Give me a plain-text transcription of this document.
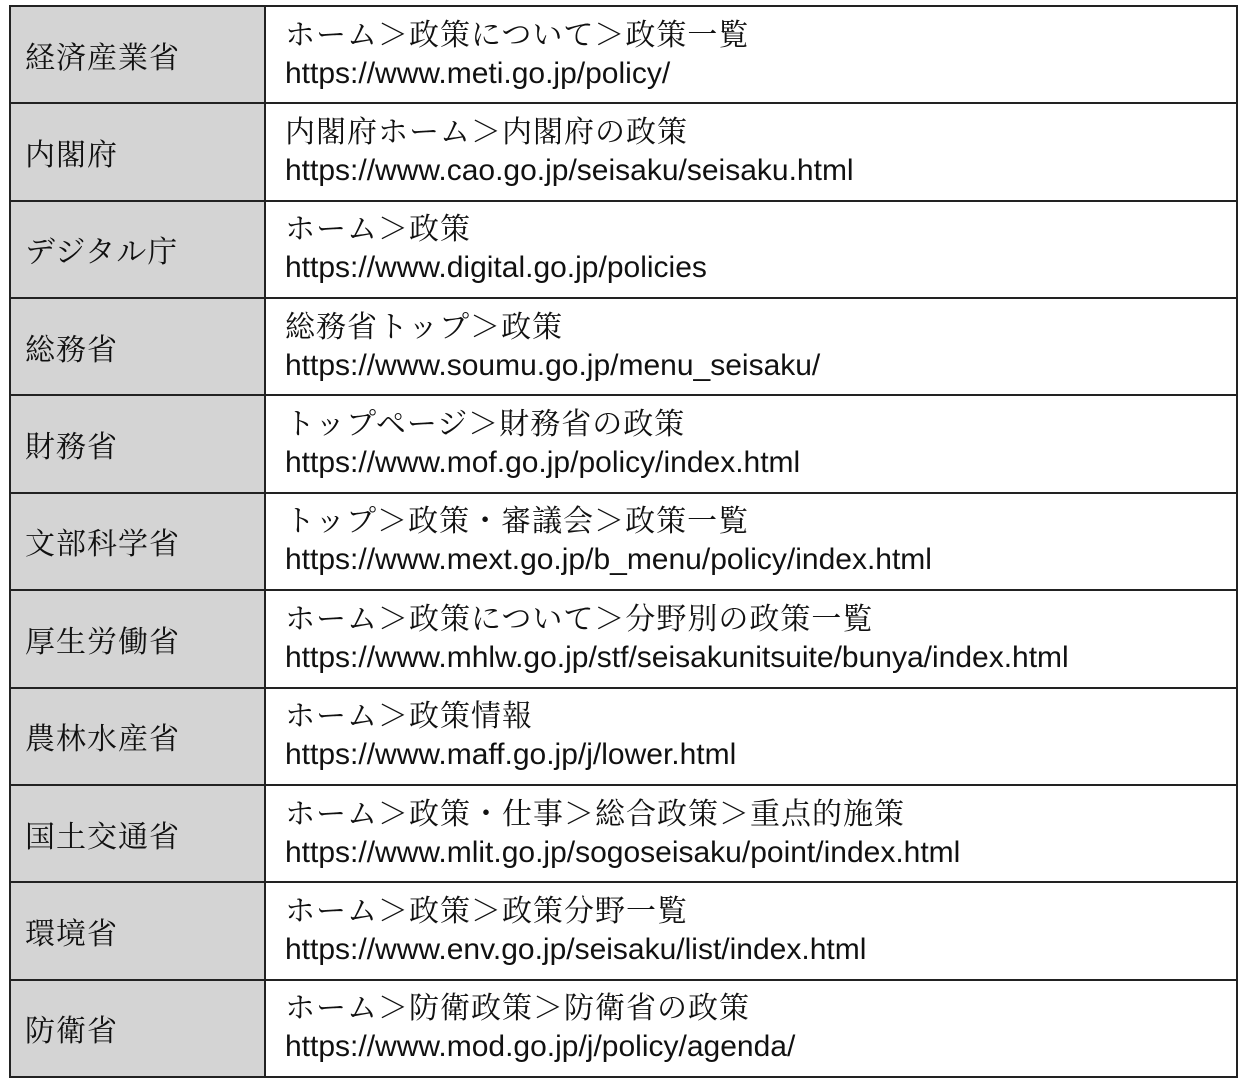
経済産業省	ホーム＞政策について＞政策一覧
https://www.meti.go.jp/policy/

内閣府	内閣府ホーム＞内閣府の政策
https://www.cao.go.jp/seisaku/seisaku.html

デジタル庁	ホーム＞政策
https://www.digital.go.jp/policies

総務省	総務省トップ＞政策
https://www.soumu.go.jp/menu_seisaku/

財務省	トップページ＞財務省の政策
https://www.mof.go.jp/policy/index.html

文部科学省	トップ＞政策・審議会＞政策一覧
https://www.mext.go.jp/b_menu/policy/index.html

厚生労働省	ホーム＞政策について＞分野別の政策一覧
https://www.mhlw.go.jp/stf/seisakunitsuite/bunya/index.html

農林水産省	ホーム＞政策情報
https://www.maff.go.jp/j/lower.html

国土交通省	ホーム＞政策・仕事＞総合政策＞重点的施策
https://www.mlit.go.jp/sogoseisaku/point/index.html

環境省	ホーム＞政策＞政策分野一覧
https://www.env.go.jp/seisaku/list/index.html

防衛省	ホーム＞防衛政策＞防衛省の政策
https://www.mod.go.jp/j/policy/agenda/
